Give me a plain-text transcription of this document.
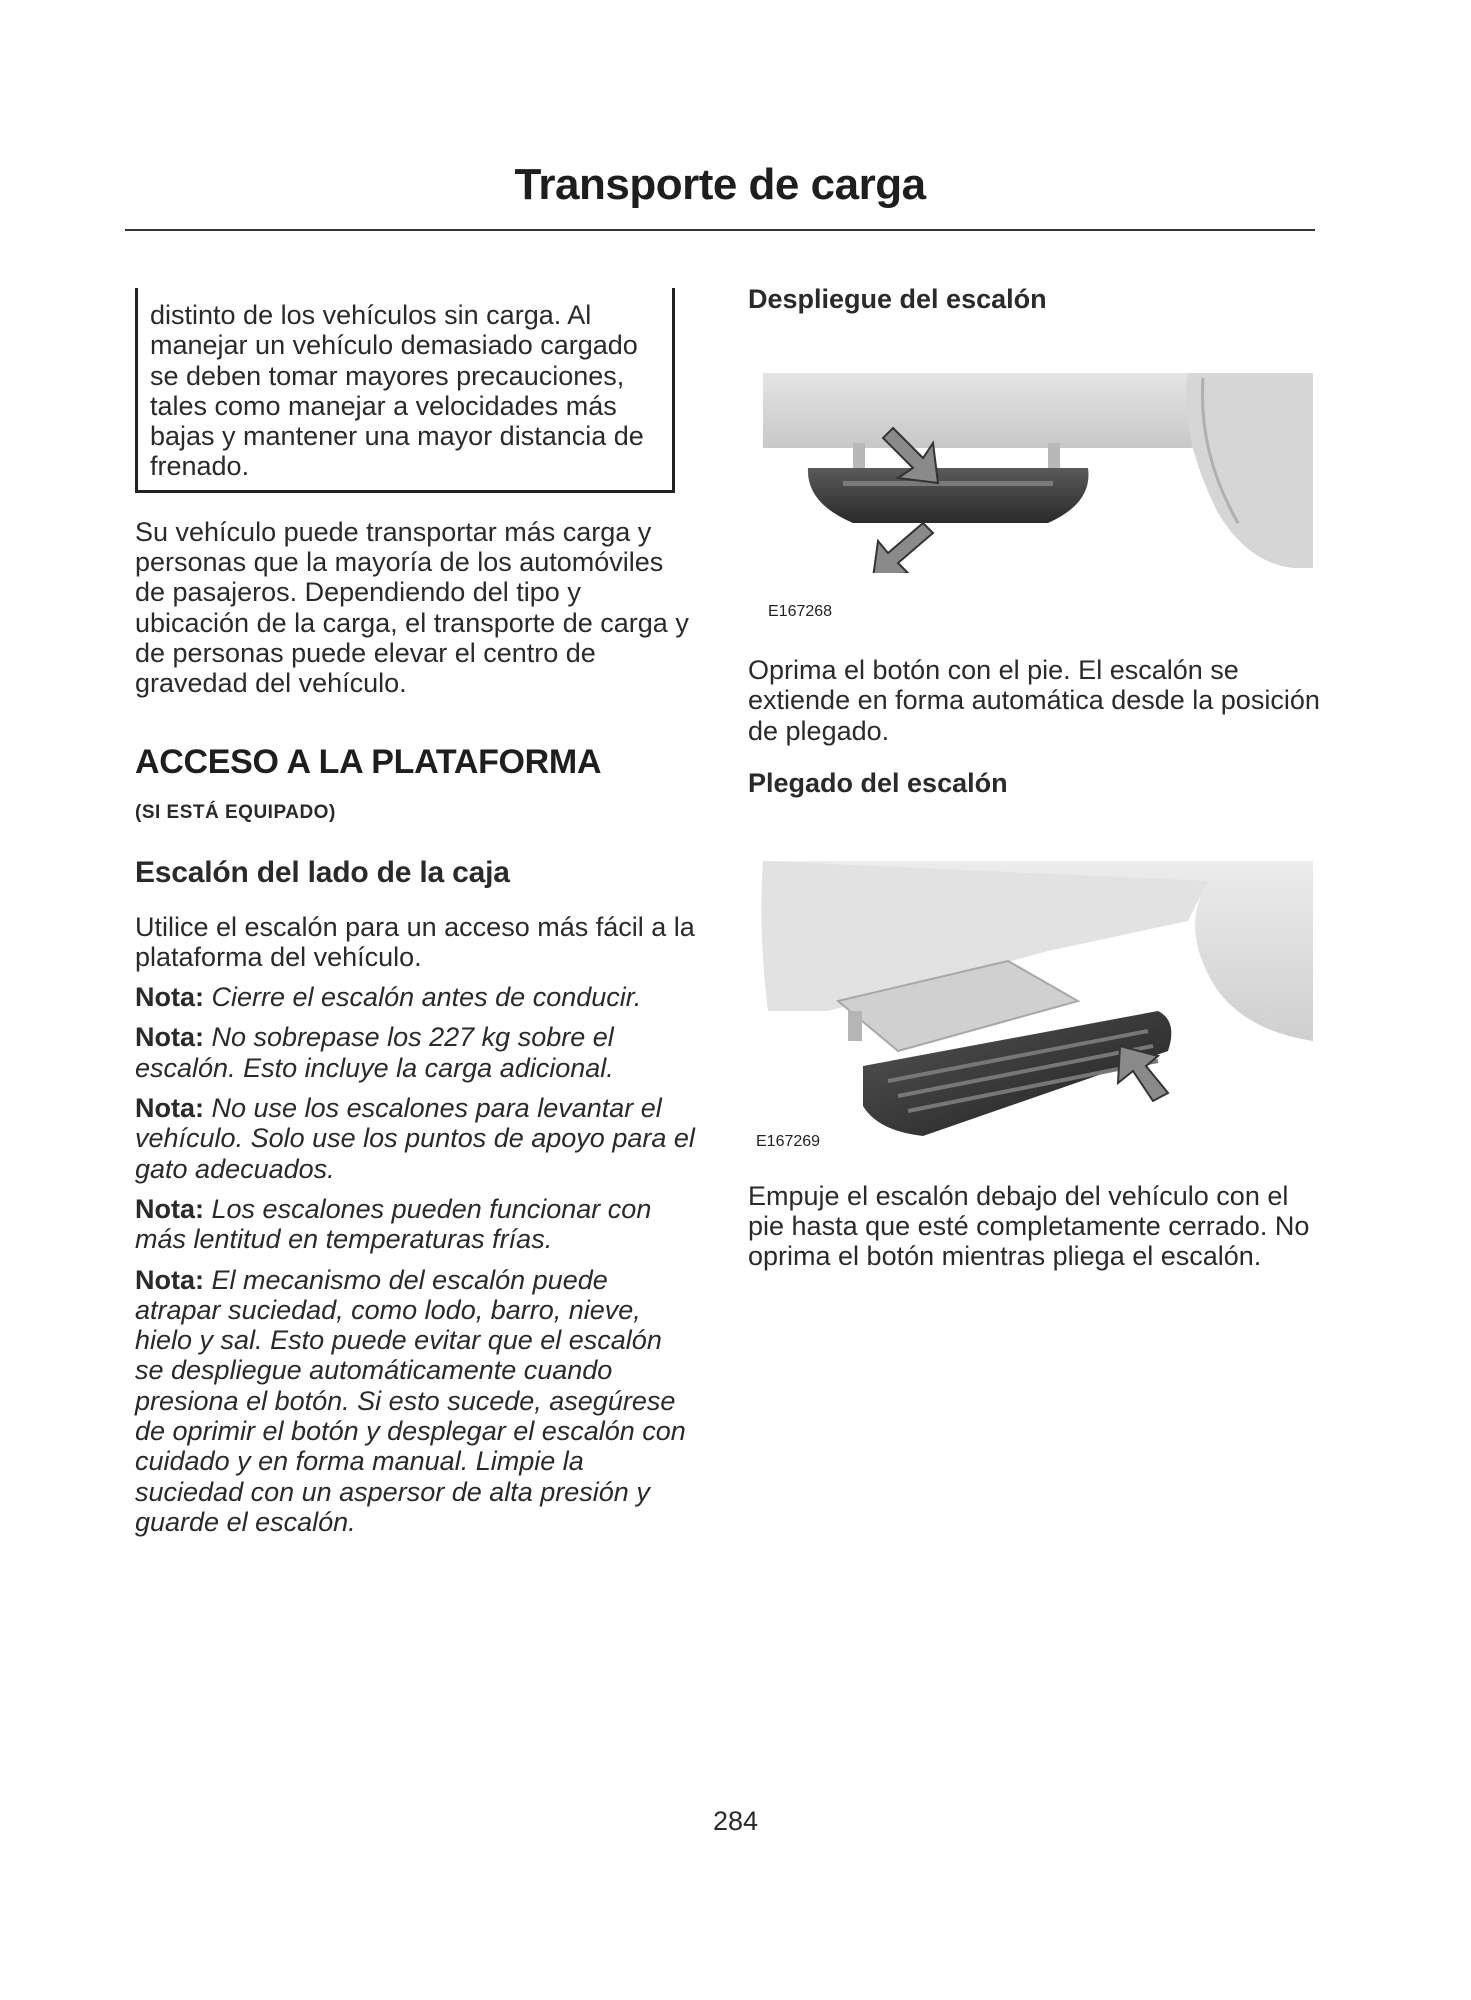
Transporte de carga

distinto de los vehículos sin carga. Al manejar un vehículo demasiado cargado se deben tomar mayores precauciones, tales como manejar a velocidades más bajas y mantener una mayor distancia de frenado.

Su vehículo puede transportar más carga y personas que la mayoría de los automóviles de pasajeros. Dependiendo del tipo y ubicación de la carga, el transporte de carga y de personas puede elevar el centro de gravedad del vehículo.

ACCESO A LA PLATAFORMA
(SI ESTÁ EQUIPADO)
Escalón del lado de la caja

Utilice el escalón para un acceso más fácil a la plataforma del vehículo.

Nota: Cierre el escalón antes de conducir.

Nota: No sobrepase los 227 kg sobre el escalón. Esto incluye la carga adicional.

Nota: No use los escalones para levantar el vehículo. Solo use los puntos de apoyo para el gato adecuados.

Nota: Los escalones pueden funcionar con más lentitud en temperaturas frías.

Nota: El mecanismo del escalón puede atrapar suciedad, como lodo, barro, nieve, hielo y sal. Esto puede evitar que el escalón se despliegue automáticamente cuando presiona el botón. Si esto sucede, asegúrese de oprimir el botón y desplegar el escalón con cuidado y en forma manual. Limpie la suciedad con un aspersor de alta presión y guarde el escalón.

Despliegue del escalón

E167268

Oprima el botón con el pie. El escalón se extiende en forma automática desde la posición de plegado.

Plegado del escalón

E167269

Empuje el escalón debajo del vehículo con el pie hasta que esté completamente cerrado. No oprima el botón mientras pliega el escalón.

284
